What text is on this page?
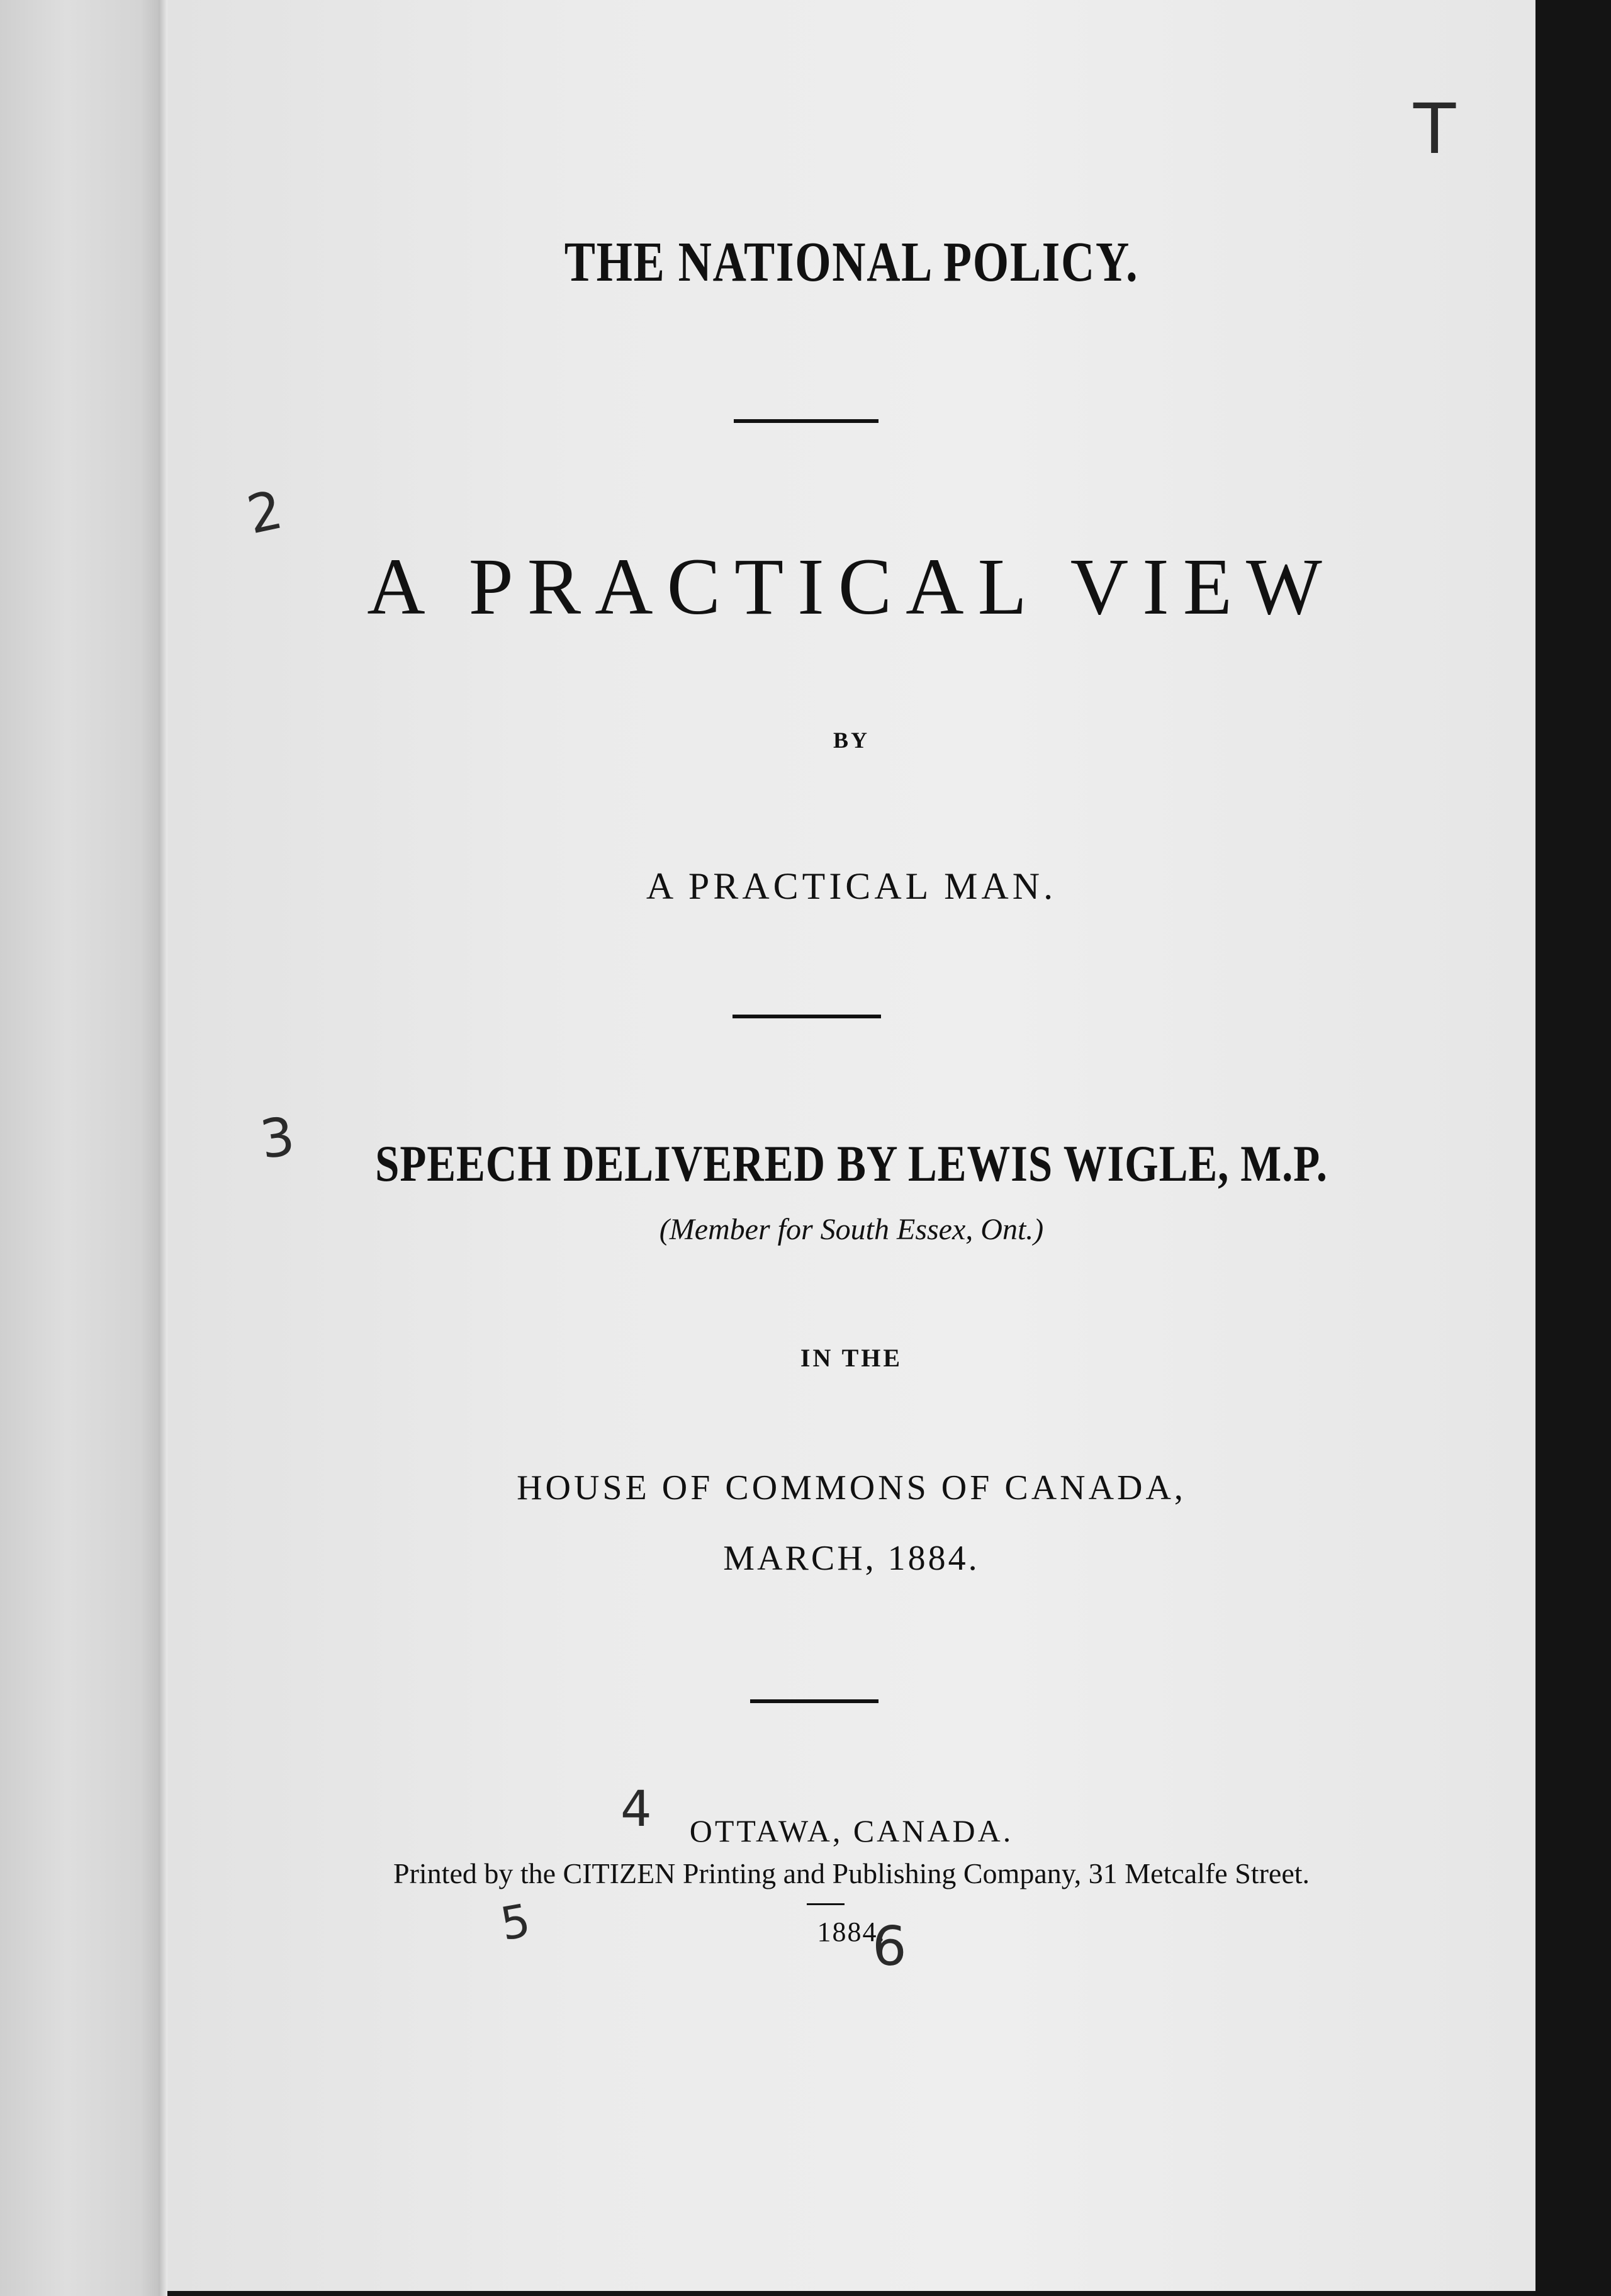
THE NATIONAL POLICY.
A PRACTICAL VIEW
BY
A PRACTICAL MAN.
SPEECH DELIVERED BY LEWIS WIGLE, M.P.
(Member for South Essex, Ont.)
IN THE
HOUSE OF COMMONS OF CANADA,
MARCH, 1884.
OTTAWA, CANADA.
Printed by the CITIZEN Printing and Publishing Company, 31 Metcalfe Street.
1884.
T
2
3
4
5	6
